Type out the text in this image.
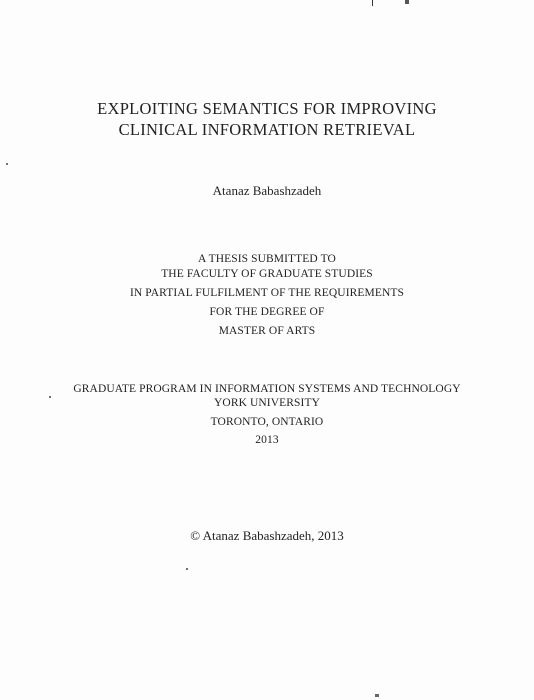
EXPLOITING SEMANTICS FOR IMPROVING
CLINICAL INFORMATION RETRIEVAL
Atanaz Babashzadeh
A THESIS SUBMITTED TO
THE FACULTY OF GRADUATE STUDIES
IN PARTIAL FULFILMENT OF THE REQUIREMENTS
FOR THE DEGREE OF
MASTER OF ARTS
GRADUATE PROGRAM IN INFORMATION SYSTEMS AND TECHNOLOGY
YORK UNIVERSITY
TORONTO, ONTARIO
2013
© Atanaz Babashzadeh, 2013
